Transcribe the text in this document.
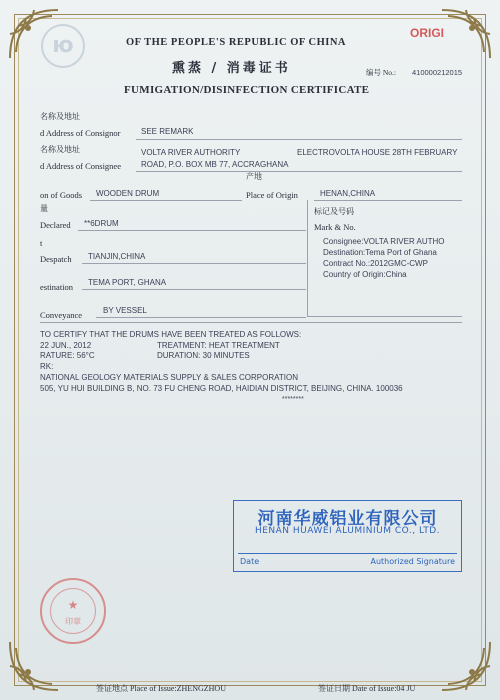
ю	OF THE PEOPLE'S REPUBLIC OF CHINA
ORIGI
熏蒸 / 消毒证书	编号 No.: 410000212015
FUMIGATION/DISINFECTION CERTIFICATE
名称及地址
d Address of Consignor	SEE REMARK
名称及地址
d Address of Consignee
VOLTA RIVER AUTHORITY	ELECTROVOLTA HOUSE 28TH FEBRUARY
ROAD, P.O. BOX MB 77, ACCRAGHANA
产地
on of Goods WOODEN DRUM	Place of Origin	HENAN,CHINA
量
Declared **6DRUM
标记及号码
Mark & No.
Consignee:VOLTA RIVER AUTHO
Destination:Tema Port of Ghana
Contract No.:2012GMC-CWP
Country of Origin:China
t
Despatch TIANJIN,CHINA
estination TEMA PORT, GHANA
Conveyance	BY VESSEL
TO CERTIFY THAT THE DRUMS HAVE BEEN TREATED AS FOLLOWS:
22 JUN., 2012	TREATMENT: HEAT TREATMENT
RATURE: 56°C	DURATION: 30 MINUTES
RK:
NATIONAL GEOLOGY MATERIALS SUPPLY & SALES CORPORATION
505, YU HUI BUILDING B, NO. 73 FU CHENG ROAD, HAIDIAN DISTRICT, BEIJING, CHINA. 100036
********
河南华威铝业有限公司
HENAN HUAWEI ALUMINIUM CO., LTD.
Date	Authorized Signature
★
印章
签证地点 Place of Issue:ZHENGZHOU	签证日期 Date of Issue:04 JU
